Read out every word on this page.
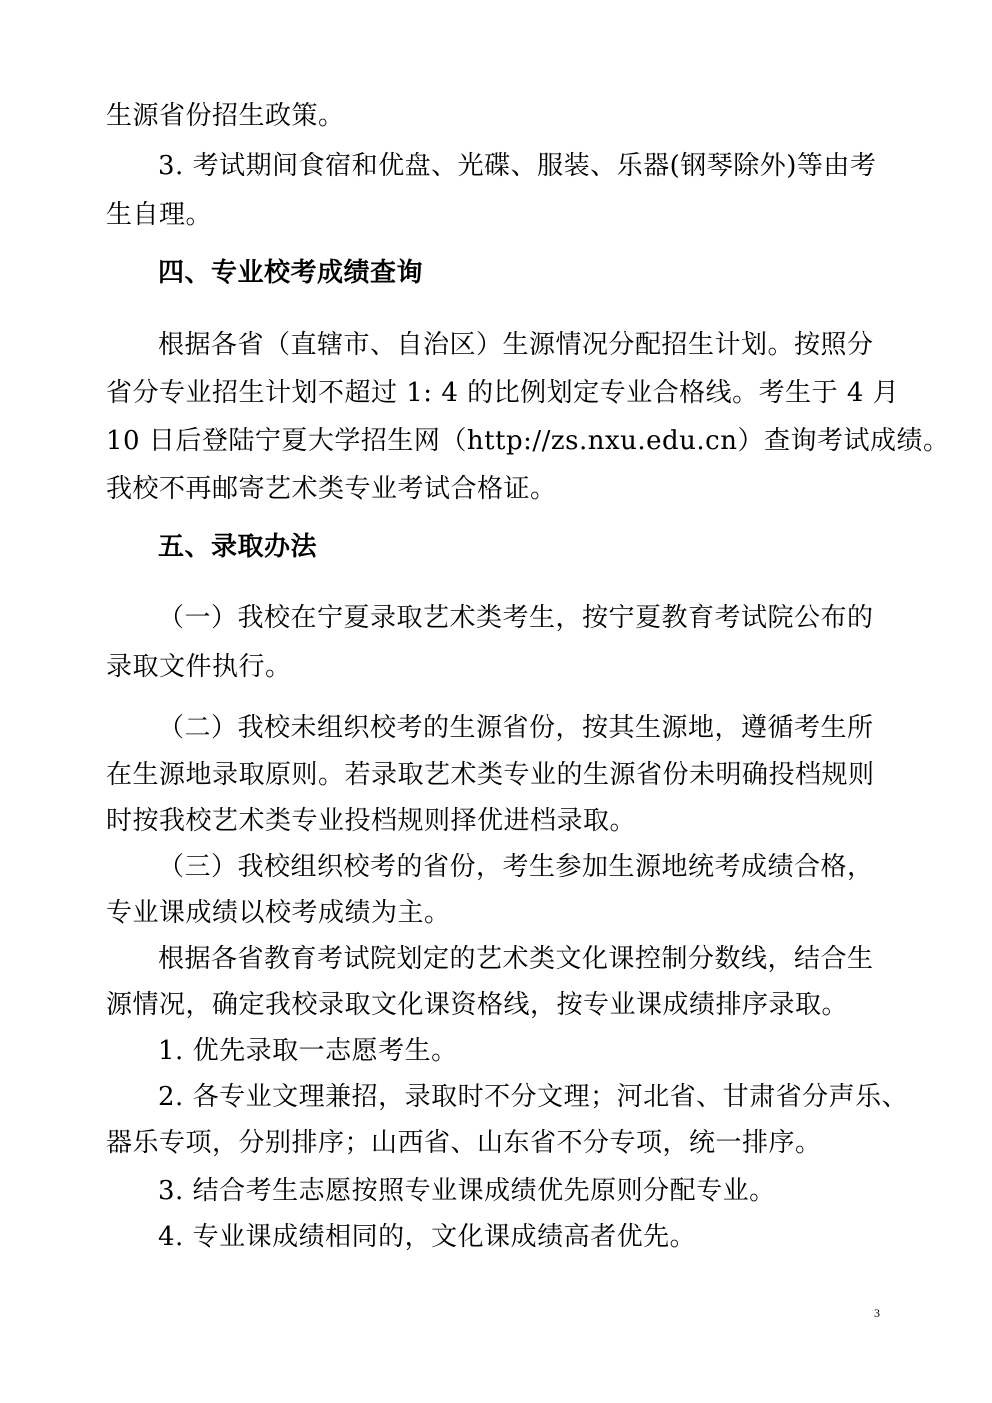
生源省份招生政策。
3. 考试期间食宿和优盘、光碟、服装、乐器(钢琴除外)等由考
生自理。
四、专业校考成绩查询
根据各省（直辖市、自治区）生源情况分配招生计划。按照分
省分专业招生计划不超过 1: 4 的比例划定专业合格线。考生于 4 月
10 日后登陆宁夏大学招生网（http://zs.nxu.edu.cn）查询考试成绩。
我校不再邮寄艺术类专业考试合格证。
五、录取办法
（一）我校在宁夏录取艺术类考生，按宁夏教育考试院公布的
录取文件执行。
（二）我校未组织校考的生源省份，按其生源地，遵循考生所
在生源地录取原则。若录取艺术类专业的生源省份未明确投档规则
时按我校艺术类专业投档规则择优进档录取。
（三）我校组织校考的省份，考生参加生源地统考成绩合格，
专业课成绩以校考成绩为主。
根据各省教育考试院划定的艺术类文化课控制分数线，结合生
源情况，确定我校录取文化课资格线，按专业课成绩排序录取。
1. 优先录取一志愿考生。
2. 各专业文理兼招，录取时不分文理；河北省、甘肃省分声乐、
器乐专项，分别排序；山西省、山东省不分专项，统一排序。
3. 结合考生志愿按照专业课成绩优先原则分配专业。
4. 专业课成绩相同的，文化课成绩高者优先。
3
